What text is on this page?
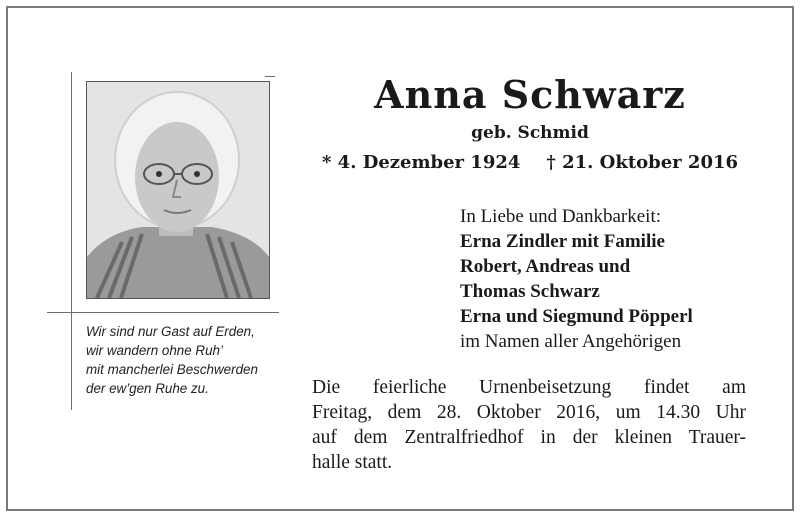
Wir sind nur Gast auf Erden,
wir wandern ohne Ruh’
mit mancherlei Beschwerden
der ew’gen Ruhe zu.
Anna Schwarz
geb. Schmid
* 4. Dezember 1924 † 21. Oktober 2016
In Liebe und Dankbarkeit:
Erna Zindler mit Familie
Robert, Andreas und
Thomas Schwarz
Erna und Siegmund Pöpperl
im Namen aller Angehörigen
Die feierliche Urnenbeisetzung findet am
Freitag, dem 28. Oktober 2016, um 14.30 Uhr
auf dem Zentralfriedhof in der kleinen Trauer-
halle statt.
